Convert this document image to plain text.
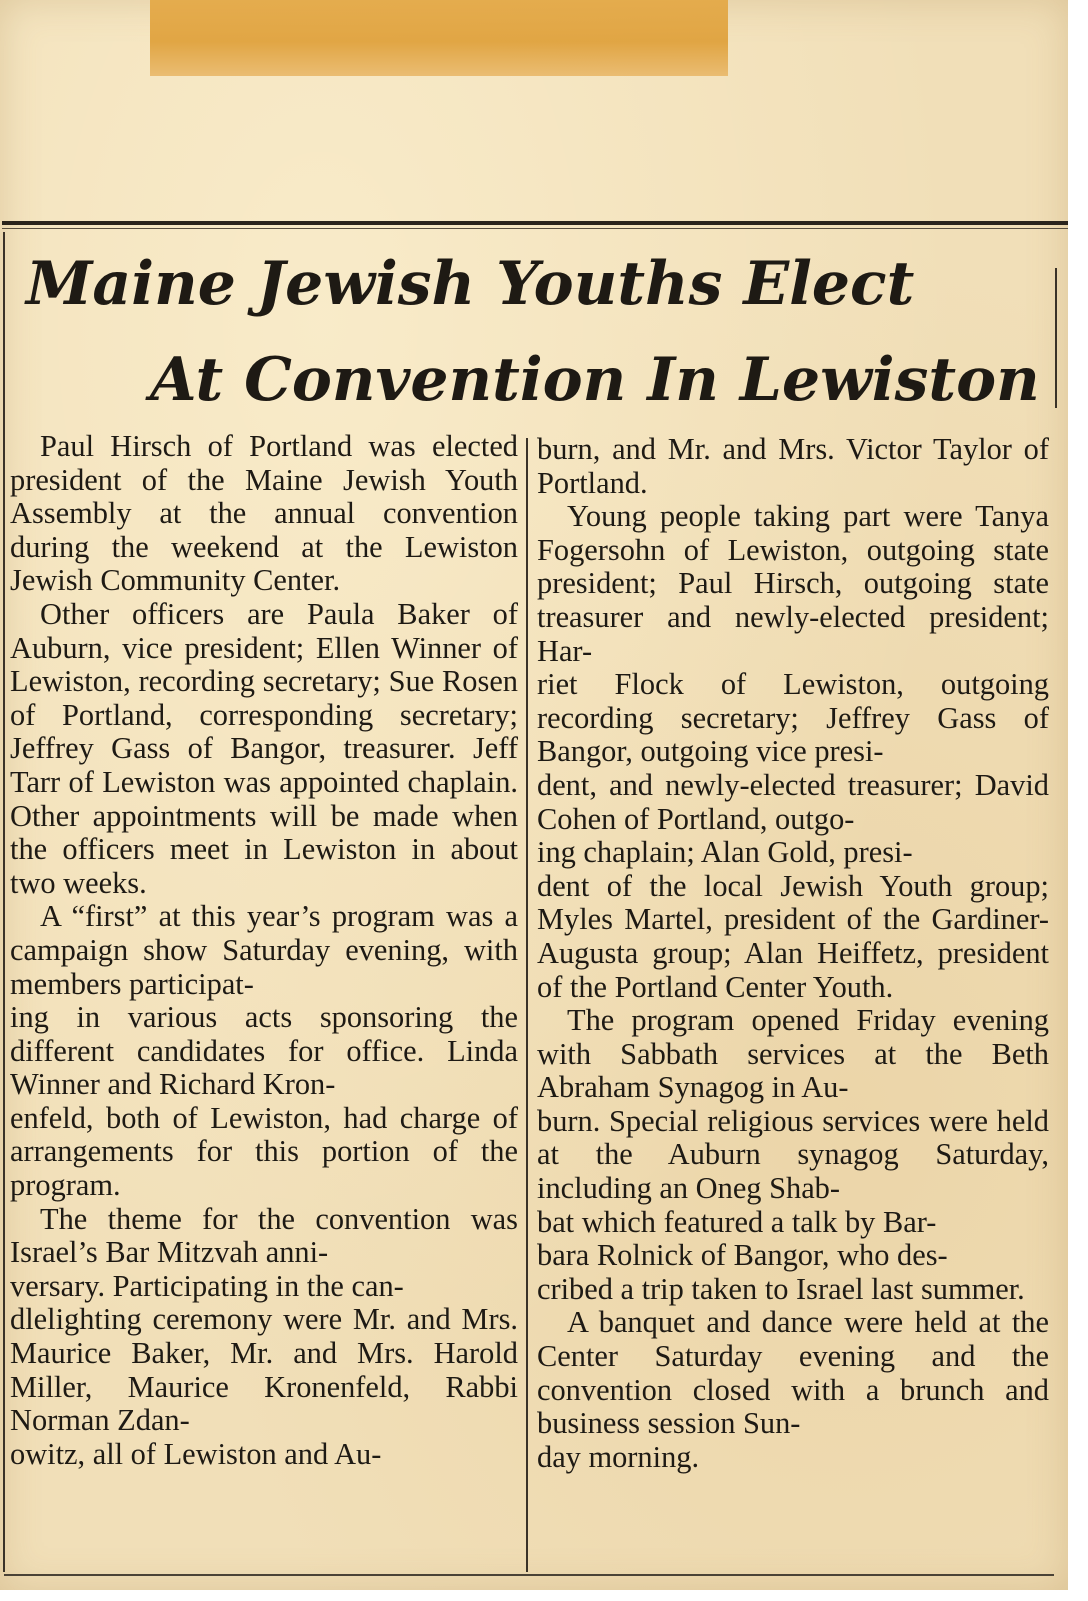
Maine Jewish Youths Elect
At Convention In Lewiston

Paul Hirsch of Portland was elected president of the Maine Jewish Youth Assembly at the annual convention during the weekend at the Lewiston Jewish Community Center.

Other officers are Paula Baker of Auburn, vice president; Ellen Winner of Lewiston, recording secretary; Sue Rosen of Portland, corresponding secretary; Jeffrey Gass of Bangor, treasurer. Jeff Tarr of Lewiston was appointed chaplain. Other appointments will be made when the officers meet in Lewiston in about two weeks.

A “first” at this year’s program was a campaign show Saturday evening, with members participat-
ing in various acts sponsoring the different candidates for office. Linda Winner and Richard Kron-
enfeld, both of Lewiston, had charge of arrangements for this portion of the program.

The theme for the convention was Israel’s Bar Mitzvah anni-
versary. Participating in the can-
dlelighting ceremony were Mr. and Mrs. Maurice Baker, Mr. and Mrs. Harold Miller, Maurice Kronenfeld, Rabbi Norman Zdan-
owitz, all of Lewiston and Au-

burn, and Mr. and Mrs. Victor Taylor of Portland.

Young people taking part were Tanya Fogersohn of Lewiston, outgoing state president; Paul Hirsch, outgoing state treasurer and newly-elected president; Har-
riet Flock of Lewiston, outgoing recording secretary; Jeffrey Gass of Bangor, outgoing vice presi-
dent, and newly-elected treasurer; David Cohen of Portland, outgo-
ing chaplain; Alan Gold, presi-
dent of the local Jewish Youth group; Myles Martel, president of the Gardiner-Augusta group; Alan Heiffetz, president of the Portland Center Youth.

The program opened Friday evening with Sabbath services at the Beth Abraham Synagog in Au-
burn. Special religious services were held at the Auburn synagog Saturday, including an Oneg Shab-
bat which featured a talk by Bar-
bara Rolnick of Bangor, who des-
cribed a trip taken to Israel last summer.

A banquet and dance were held at the Center Saturday evening and the convention closed with a brunch and business session Sun-
day morning.
